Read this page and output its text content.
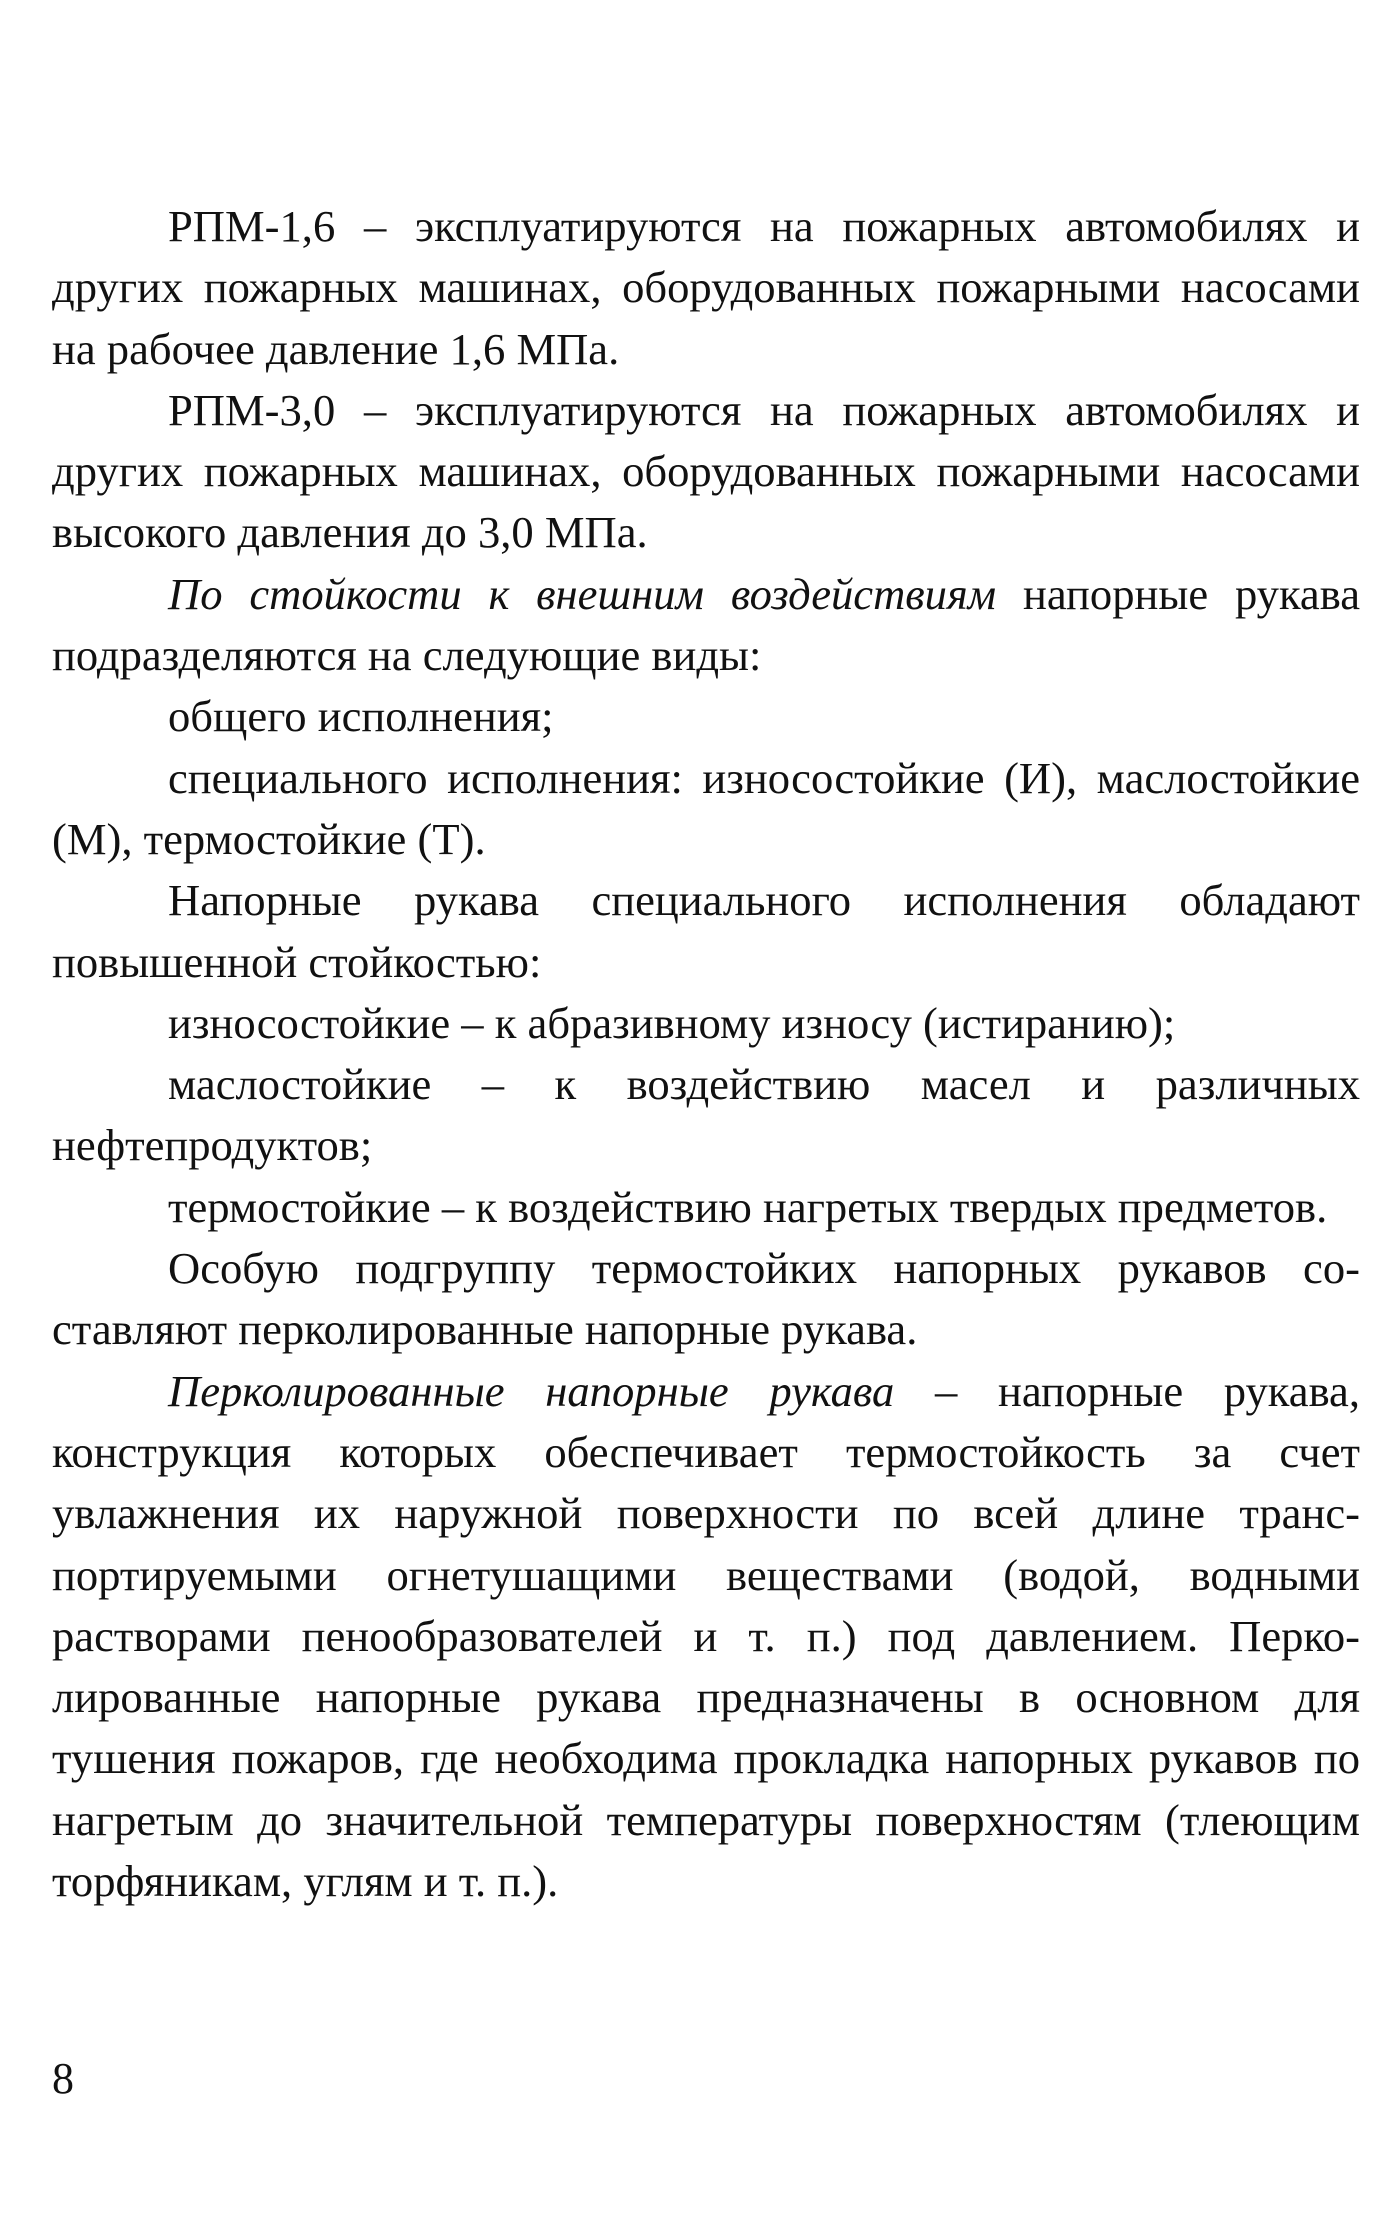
РПМ-1,6 – эксплуатируются на пожарных автомобилях и других пожарных машинах, оборудованных пожарными насосами на рабочее давление 1,6 МПа.

РПМ-3,0 – эксплуатируются на пожарных автомобилях и других пожарных машинах, оборудованных пожарными насосами высокого давления до 3,0 МПа.

По стойкости к внешним воздействиям напорные рукава подразделяются на следующие виды:

общего исполнения;

специального исполнения: износостойкие (И), маслостойкие (М), термостойкие (Т).

Напорные рукава специального исполнения обладают повышенной стойкостью:

износостойкие – к абразивному износу (истиранию);

маслостойкие – к воздействию масел и различных нефтепродуктов;

термостойкие – к воздействию нагретых твердых предметов.

Особую подгруппу термостойких напорных рукавов составляют перколированные напорные рукава.

Перколированные напорные рукава – напорные рукава, конструкция которых обеспечивает термостойкость за счет увлажнения их наружной поверхности по всей длине транспортируемыми огнетушащими веществами (водой, водными растворами пенообразователей и т. п.) под давлением. Перколированные напорные рукава предназначены в основном для тушения пожаров, где необходима прокладка напорных рукавов по нагретым до значительной температуры поверхностям (тлеющим торфяникам, углям и т. п.).

8
